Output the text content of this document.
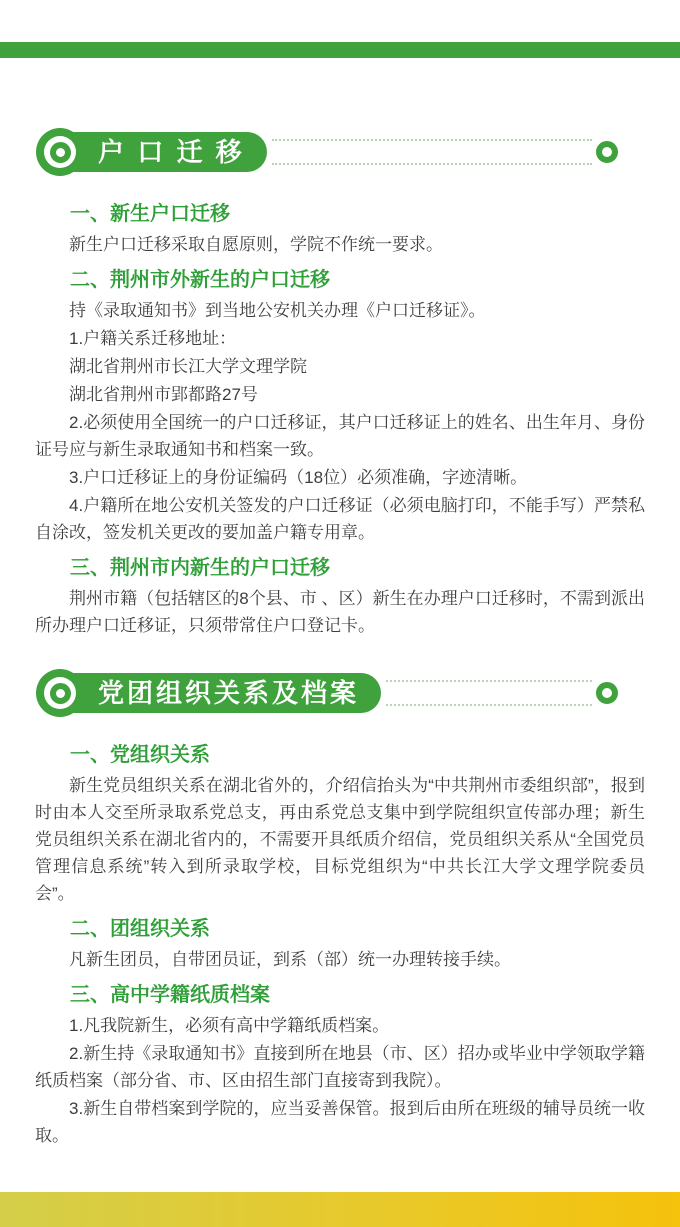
户 口 迁 移
一、新生户口迁移

新生户口迁移采取自愿原则，学院不作统一要求。

二、荆州市外新生的户口迁移

持《录取通知书》到当地公安机关办理《户口迁移证》。

1.户籍关系迁移地址：

湖北省荆州市长江大学文理学院

湖北省荆州市郢都路27号

2.必须使用全国统一的户口迁移证，其户口迁移证上的姓名、出生年月、身份证号应与新生录取通知书和档案一致。

3.户口迁移证上的身份证编码（18位）必须准确，字迹清晰。

4.户籍所在地公安机关签发的户口迁移证（必须电脑打印，不能手写）严禁私自涂改，签发机关更改的要加盖户籍专用章。

三、荆州市内新生的户口迁移

荆州市籍（包括辖区的8个县、市 、区）新生在办理户口迁移时，不需到派出所办理户口迁移证，只须带常住户口登记卡。

党团组织关系及档案
一、党组织关系

新生党员组织关系在湖北省外的，介绍信抬头为“中共荆州市委组织部”，报到时由本人交至所录取系党总支，再由系党总支集中到学院组织宣传部办理；新生党员组织关系在湖北省内的，不需要开具纸质介绍信，党员组织关系从“全国党员管理信息系统”转入到所录取学校，目标党组织为“中共长江大学文理学院委员会”。

二、团组织关系

凡新生团员，自带团员证，到系（部）统一办理转接手续。

三、高中学籍纸质档案

1.凡我院新生，必须有高中学籍纸质档案。

2.新生持《录取通知书》直接到所在地县（市、区）招办或毕业中学领取学籍纸质档案（部分省、市、区由招生部门直接寄到我院）。

3.新生自带档案到学院的，应当妥善保管。报到后由所在班级的辅导员统一收取。
